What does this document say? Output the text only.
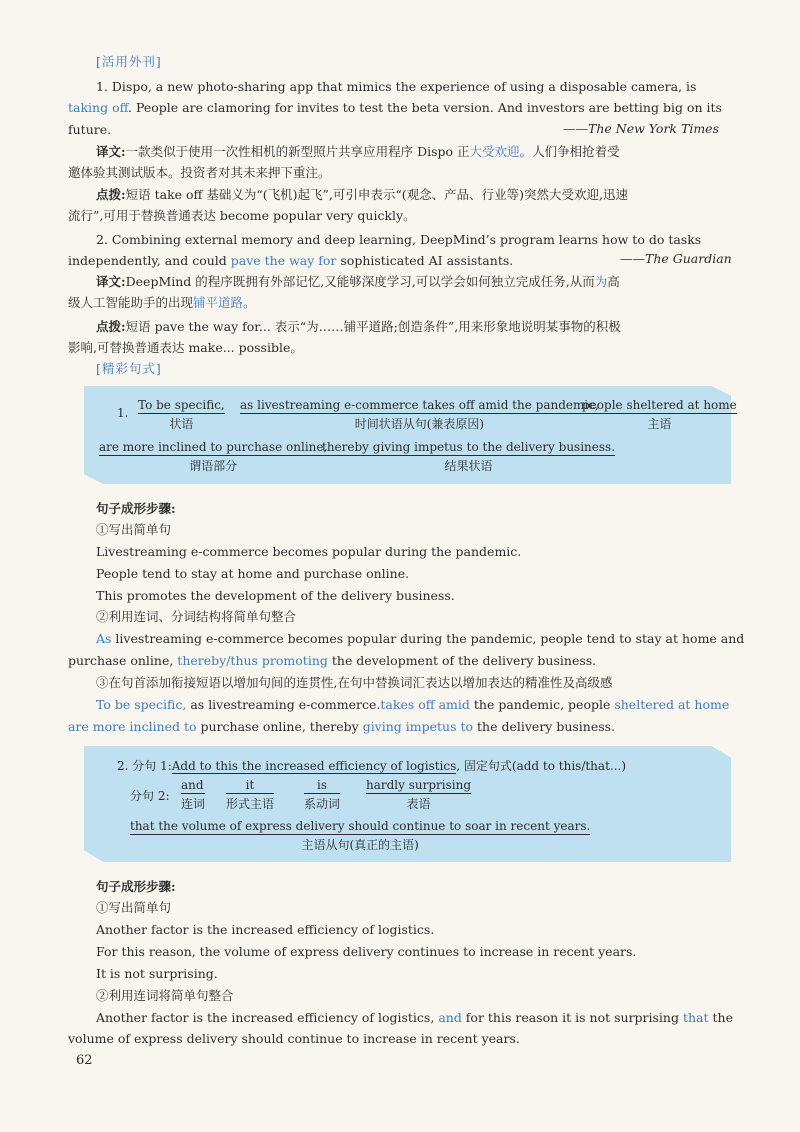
[活用外刊]
1. Dispo, a new photo-sharing app that mimics the experience of using a disposable camera, is
taking off. People are clamoring for invites to test the beta version. And investors are betting big on its
future.	——The New York Times
译文:一款类似于使用一次性相机的新型照片共享应用程序 Dispo 正大受欢迎。人们争相抢着受
邀体验其测试版本。投资者对其未来押下重注。
点拨:短语 take off 基础义为“(飞机)起飞”,可引申表示“(观念、产品、行业等)突然大受欢迎,迅速
流行”,可用于替换普通表达 become popular very quickly。
2. Combining external memory and deep learning, DeepMind’s program learns how to do tasks
independently, and could pave the way for sophisticated AI assistants.	——The Guardian
译文:DeepMind 的程序既拥有外部记忆,又能够深度学习,可以学会如何独立完成任务,从而为高
级人工智能助手的出现铺平道路。
点拨:短语 pave the way for... 表示“为……铺平道路;创造条件”,用来形象地说明某事物的积极
影响,可替换普通表达 make... possible。
[精彩句式]
1.
To be specific,
状语
as livestreaming e-commerce takes off amid the pandemic,
时间状语从句(兼表原因)
people sheltered at home
主语
are more inclined to purchase online,
谓语部分
thereby giving impetus to the delivery business.
结果状语
句子成形步骤:
①写出简单句
Livestreaming e-commerce becomes popular during the pandemic.
People tend to stay at home and purchase online.
This promotes the development of the delivery business.
②利用连词、分词结构将简单句整合
As livestreaming e-commerce becomes popular during the pandemic, people tend to stay at home and
purchase online, thereby/thus promoting the development of the delivery business.
③在句首添加衔接短语以增加句间的连贯性,在句中替换词汇表达以增加表达的精准性及高级感
To be specific, as livestreaming e-commerce.takes off amid the pandemic, people sheltered at home
are more inclined to purchase online, thereby giving impetus to the delivery business.
2. 分句 1:Add to this the increased efficiency of logistics, 固定句式(add to this/that...)
分句 2:
and
连词
it
形式主语
is
系动词
hardly surprising
表语
that the volume of express delivery should continue to soar in recent years.
主语从句(真正的主语)
句子成形步骤:
①写出简单句
Another factor is the increased efficiency of logistics.
For this reason, the volume of express delivery continues to increase in recent years.
It is not surprising.
②利用连词将简单句整合
Another factor is the increased efficiency of logistics, and for this reason it is not surprising that the
volume of express delivery should continue to increase in recent years.
62
